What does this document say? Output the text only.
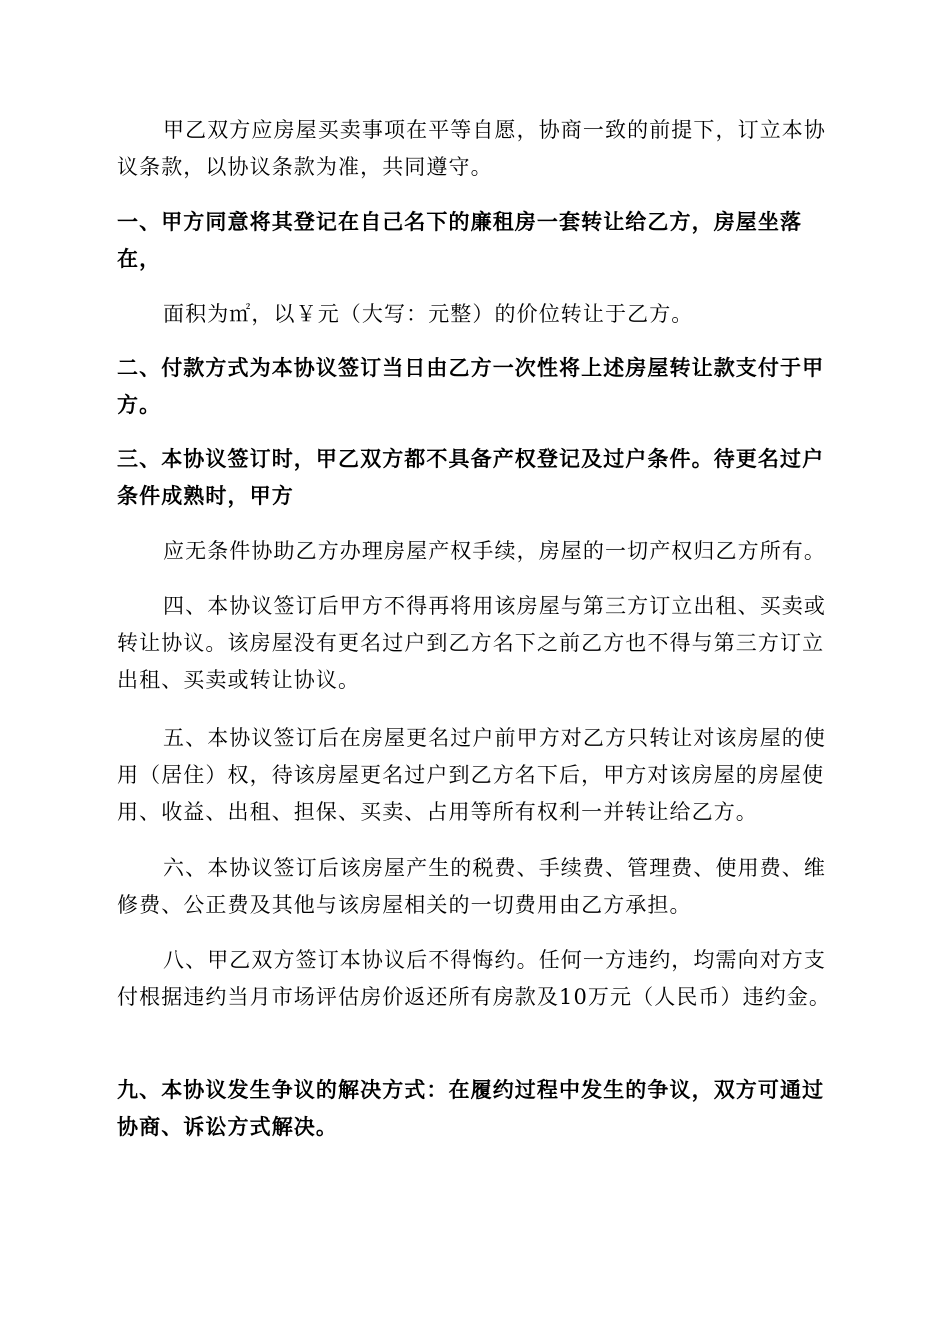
甲乙双方应房屋买卖事项在平等自愿，协商一致的前提下，订立本协议条款，以协议条款为准，共同遵守。

一、甲方同意将其登记在自己名下的廉租房一套转让给乙方，房屋坐落在，

面积为㎡，以￥元（大写：元整）的价位转让于乙方。

二、付款方式为本协议签订当日由乙方一次性将上述房屋转让款支付于甲方。

三、本协议签订时，甲乙双方都不具备产权登记及过户条件。待更名过户条件成熟时，甲方

应无条件协助乙方办理房屋产权手续，房屋的一切产权归乙方所有。

四、本协议签订后甲方不得再将用该房屋与第三方订立出租、买卖或转让协议。该房屋没有更名过户到乙方名下之前乙方也不得与第三方订立出租、买卖或转让协议。

五、本协议签订后在房屋更名过户前甲方对乙方只转让对该房屋的使用（居住）权，待该房屋更名过户到乙方名下后，甲方对该房屋的房屋使用、收益、出租、担保、买卖、占用等所有权利一并转让给乙方。

六、本协议签订后该房屋产生的税费、手续费、管理费、使用费、维修费、公正费及其他与该房屋相关的一切费用由乙方承担。

八、甲乙双方签订本协议后不得悔约。任何一方违约，均需向对方支付根据违约当月市场评估房价返还所有房款及10万元（人民币）违约金。

九、本协议发生争议的解决方式：在履约过程中发生的争议，双方可通过协商、诉讼方式解决。
